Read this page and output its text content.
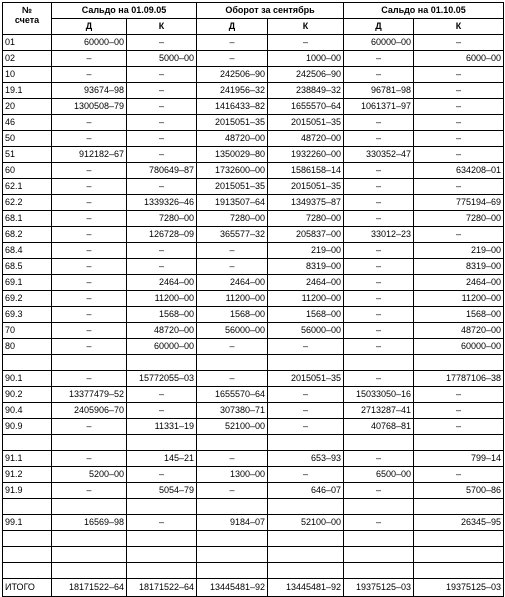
№
счета	Сальдо на 01.09.05		Оборот за сентябрь		Сальдо на 01.10.05	
	Д	К	Д	К	Д	К
01	60000–00	–	–	–	60000–00	–
02	–	5000–00	–	1000–00	–	6000–00
10	–	–	242506–90	242506–90	–	–
19.1	93674–98	–	241956–32	238849–32	96781–98	–
20	1300508–79	–	1416433–82	1655570–64	1061371–97	–
46	–	–	2015051–35	2015051–35	–	–
50	–	–	48720–00	48720–00	–	–
51	912182–67	–	1350029–80	1932260–00	330352–47	–
60	–	780649–87	1732600–00	1586158–14	–	634208–01
62.1	–	–	2015051–35	2015051–35	–	–
62.2	–	1339326–46	1913507–64	1349375–87	–	775194–69
68.1	–	7280–00	7280–00	7280–00	–	7280–00
68.2	–	126728–09	365577–32	205837–00	33012–23	–
68.4	–	–	–	219–00	–	219–00
68.5	–	–	–	8319–00	–	8319–00
69.1	–	2464–00	2464–00	2464–00	–	2464–00
69.2	–	11200–00	11200–00	11200–00	–	11200–00
69.3	–	1568–00	1568–00	1568–00	–	1568–00
70	–	48720–00	56000–00	56000–00	–	48720–00
80	–	60000–00	–	–	–	60000–00

90.1	–	15772055–03	–	2015051–35	–	17787106–38
90.2	13377479–52	–	1655570–64	–	15033050–16	–
90.4	2405906–70	–	307380–71	–	2713287–41	–
90.9	–	11331–19	52100–00	–	40768–81	–

91.1	–	145–21	–	653–93	–	799–14
91.2	5200–00	–	1300–00	–	6500–00	–
91.9	–	5054–79	–	646–07	–	5700–86

99.1	16569–98	–	9184–07	52100–00	–	26345–95

ИТОГО	18171522–64	18171522–64	13445481–92	13445481–92	19375125–03	19375125–03
